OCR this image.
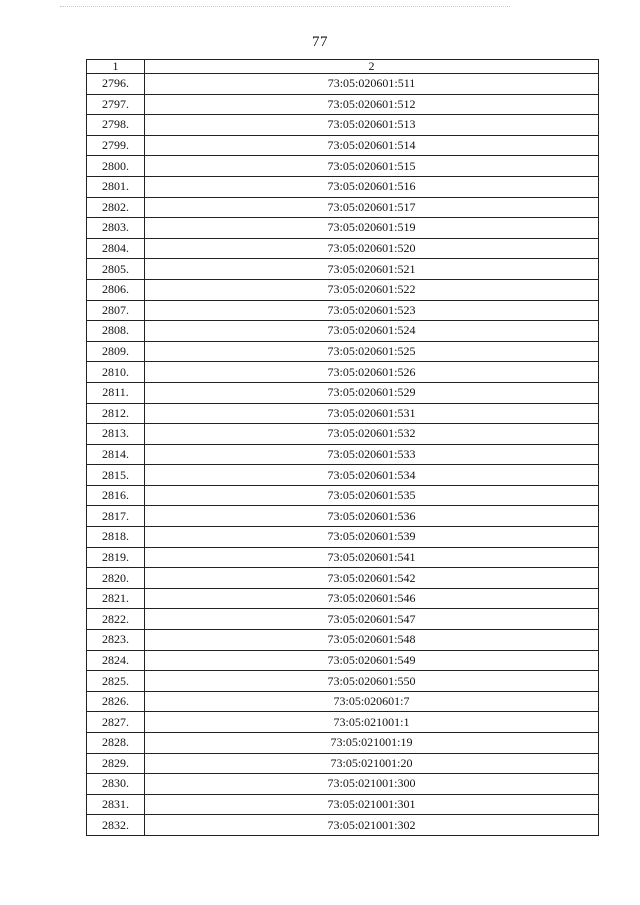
77
1	2
2796.	73:05:020601:511
2797.	73:05:020601:512
2798.	73:05:020601:513
2799.	73:05:020601:514
2800.	73:05:020601:515
2801.	73:05:020601:516
2802.	73:05:020601:517
2803.	73:05:020601:519
2804.	73:05:020601:520
2805.	73:05:020601:521
2806.	73:05:020601:522
2807.	73:05:020601:523
2808.	73:05:020601:524
2809.	73:05:020601:525
2810.	73:05:020601:526
2811.	73:05:020601:529
2812.	73:05:020601:531
2813.	73:05:020601:532
2814.	73:05:020601:533
2815.	73:05:020601:534
2816.	73:05:020601:535
2817.	73:05:020601:536
2818.	73:05:020601:539
2819.	73:05:020601:541
2820.	73:05:020601:542
2821.	73:05:020601:546
2822.	73:05:020601:547
2823.	73:05:020601:548
2824.	73:05:020601:549
2825.	73:05:020601:550
2826.	73:05:020601:7
2827.	73:05:021001:1
2828.	73:05:021001:19
2829.	73:05:021001:20
2830.	73:05:021001:300
2831.	73:05:021001:301
2832.	73:05:021001:302
